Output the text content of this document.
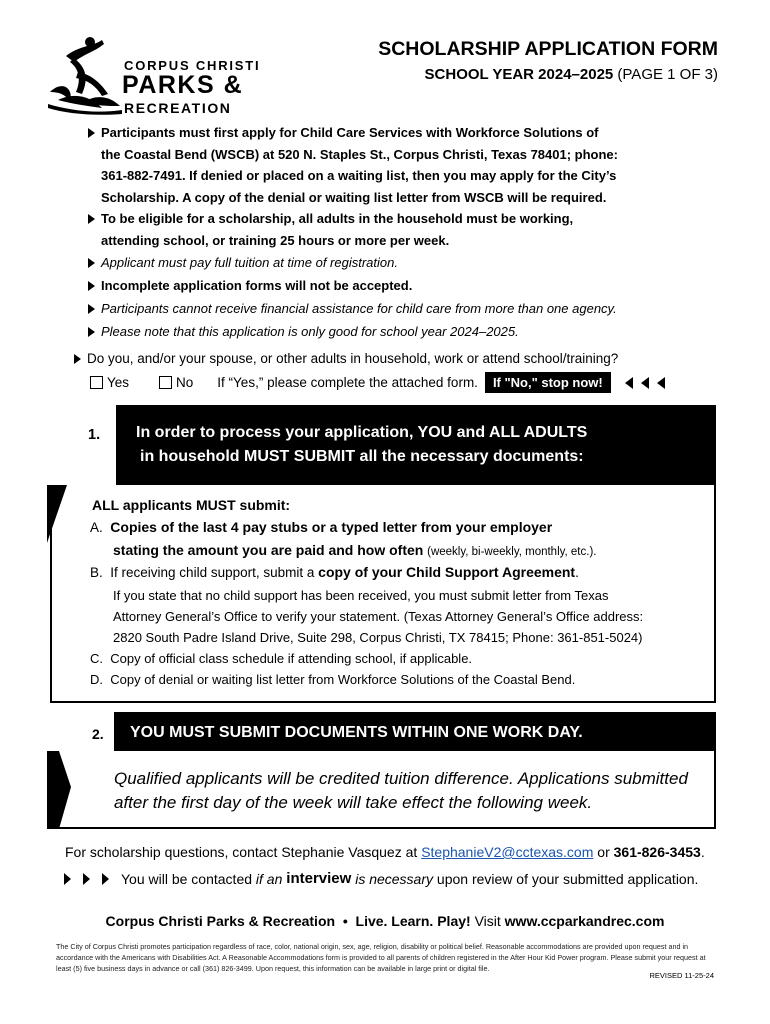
CORPUS CHRISTI
PARKS &
RECREATION
SCHOLARSHIP APPLICATION FORM
SCHOOL YEAR 2024–2025 (PAGE 1 OF 3)
Participants must first apply for Child Care Services with Workforce Solutions of
the Coastal Bend (WSCB) at 520 N. Staples St., Corpus Christi, Texas 78401; phone:
361-882-7491. If denied or placed on a waiting list, then you may apply for the City’s
Scholarship. A copy of the denial or waiting list letter from WSCB will be required.
To be eligible for a scholarship, all adults in the household must be working,
attending school, or training 25 hours or more per week.
Applicant must pay full tuition at time of registration.
Incomplete application forms will not be accepted.
Participants cannot receive financial assistance for child care from more than one agency.
Please note that this application is only good for school year 2024–2025.
Do you, and/or your spouse, or other adults in household, work or attend school/training?
Yes	No If “Yes,” please complete the attached form.	If "No," stop now!
1. In order to process your application, YOU and ALL ADULTS
in household MUST SUBMIT all the necessary documents:
ALL applicants MUST submit:
A. Copies of the last 4 pay stubs or a typed letter from your employer
stating the amount you are paid and how often (weekly, bi-weekly, monthly, etc.).
B. If receiving child support, submit a copy of your Child Support Agreement.
If you state that no child support has been received, you must submit letter from Texas
Attorney General’s Office to verify your statement. (Texas Attorney General’s Office address:
2820 South Padre Island Drive, Suite 298, Corpus Christi, TX 78415; Phone: 361-851-5024)
C. Copy of official class schedule if attending school, if applicable.
D. Copy of denial or waiting list letter from Workforce Solutions of the Coastal Bend.
2. YOU MUST SUBMIT DOCUMENTS WITHIN ONE WORK DAY.
Qualified applicants will be credited tuition difference. Applications submitted
after the first day of the week will take effect the following week.
For scholarship questions, contact Stephanie Vasquez at StephanieV2@cctexas.com or 361-826-3453.
You will be contacted
if an
interview
is necessary
upon review of your submitted application.
Corpus Christi Parks & Recreation • Live. Learn. Play! Visit www.ccparkandrec.com
The City of Corpus Christi promotes participation regardless of race, color, national origin, sex, age, religion, disability or political belief. Reasonable accommodations are provided upon request and in accordance with the Americans with Disabilities Act. A Reasonable Accommodations form is provided to all parents of children registered in the After Hour Kid Power program. Please submit your request at least (5) five business days in advance or call (361) 826-3499. Upon request, this information can be available in large print or digital file.
REVISED 11-25-24
